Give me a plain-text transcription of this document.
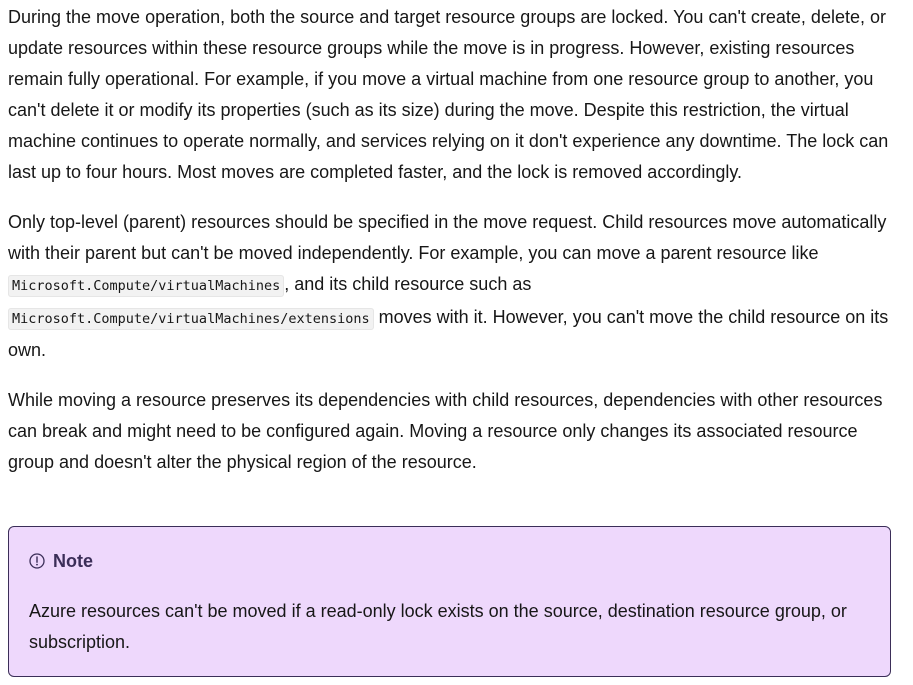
During the move operation, both the source and target resource groups are locked. You can't create, delete, or update resources within these resource groups while the move is in progress. However, existing resources remain fully operational. For example, if you move a virtual machine from one resource group to another, you can't delete it or modify its properties (such as its size) during the move. Despite this restriction, the virtual machine continues to operate normally, and services relying on it don't experience any downtime. The lock can last up to four hours. Most moves are completed faster, and the lock is removed accordingly.

Only top-level (parent) resources should be specified in the move request. Child resources move automatically with their parent but can't be moved independently. For example, you can move a parent resource like Microsoft.Compute/virtualMachines , and its child resource such as Microsoft.Compute/virtualMachines/extensions moves with it. However, you can't move the child resource on its own.

While moving a resource preserves its dependencies with child resources, dependencies with other resources can break and might need to be configured again. Moving a resource only changes its associated resource group and doesn't alter the physical region of the resource.

Note
Azure resources can't be moved if a read-only lock exists on the source, destination resource group, or subscription.
